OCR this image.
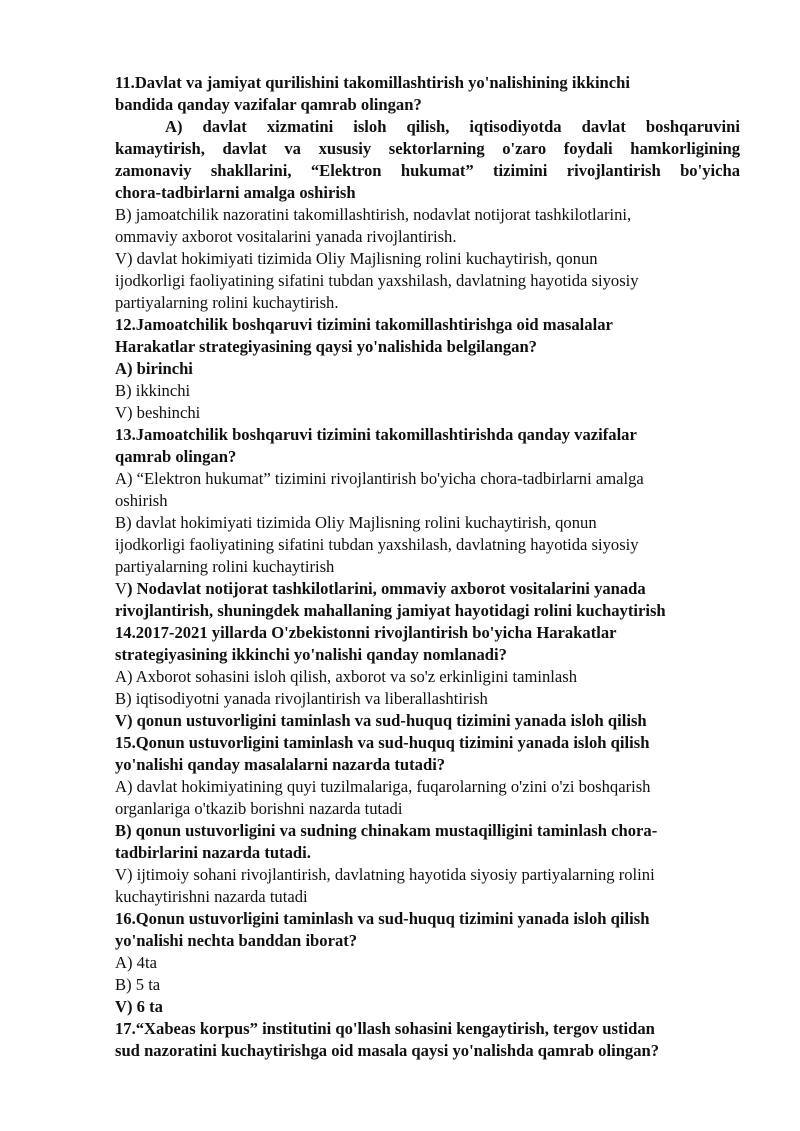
11.Davlat va jamiyat qurilishini takomillashtirish yo'nalishining ikkinchi
bandida qanday vazifalar qamrab olingan?
A) davlat xizmatini isloh qilish, iqtisodiyotda davlat boshqaruvini
kamaytirish, davlat va xususiy sektorlarning o'zaro foydali hamkorligining
zamonaviy shakllarini, “Elektron hukumat” tizimini rivojlantirish bo'yicha
chora-tadbirlarni amalga oshirish
B) jamoatchilik nazoratini takomillashtirish, nodavlat notijorat tashkilotlarini,
ommaviy axborot vositalarini yanada rivojlantirish.
V) davlat hokimiyati tizimida Oliy Majlisning rolini kuchaytirish, qonun
ijodkorligi faoliyatining sifatini tubdan yaxshilash, davlatning hayotida siyosiy
partiyalarning rolini kuchaytirish.
12.Jamoatchilik boshqaruvi tizimini takomillashtirishga oid masalalar
Harakatlar strategiyasining qaysi yo'nalishida belgilangan?
A) birinchi
B) ikkinchi
V) beshinchi
13.Jamoatchilik boshqaruvi tizimini takomillashtirishda qanday vazifalar
qamrab olingan?
A) “Elektron hukumat” tizimini rivojlantirish bo'yicha chora-tadbirlarni amalga
oshirish
B) davlat hokimiyati tizimida Oliy Majlisning rolini kuchaytirish, qonun
ijodkorligi faoliyatining sifatini tubdan yaxshilash, davlatning hayotida siyosiy
partiyalarning rolini kuchaytirish
V) Nodavlat notijorat tashkilotlarini, ommaviy axborot vositalarini yanada
rivojlantirish, shuningdek mahallaning jamiyat hayotidagi rolini kuchaytirish
14.2017-2021 yillarda O'zbekistonni rivojlantirish bo'yicha Harakatlar
strategiyasining ikkinchi yo'nalishi qanday nomlanadi?
A) Axborot sohasini isloh qilish, axborot va so'z erkinligini taminlash
B) iqtisodiyotni yanada rivojlantirish va liberallashtirish
V) qonun ustuvorligini taminlash va sud-huquq tizimini yanada isloh qilish
15.Qonun ustuvorligini taminlash va sud-huquq tizimini yanada isloh qilish
yo'nalishi qanday masalalarni nazarda tutadi?
A) davlat hokimiyatining quyi tuzilmalariga, fuqarolarning o'zini o'zi boshqarish
organlariga o'tkazib borishni nazarda tutadi
B) qonun ustuvorligini va sudning chinakam mustaqilligini taminlash chora-
tadbirlarini nazarda tutadi.
V) ijtimoiy sohani rivojlantirish, davlatning hayotida siyosiy partiyalarning rolini
kuchaytirishni nazarda tutadi
16.Qonun ustuvorligini taminlash va sud-huquq tizimini yanada isloh qilish
yo'nalishi nechta banddan iborat?
A) 4ta
B) 5 ta
V) 6 ta
17.“Xabeas korpus” institutini qo'llash sohasini kengaytirish, tergov ustidan
sud nazoratini kuchaytirishga oid masala qaysi yo'nalishda qamrab olingan?
